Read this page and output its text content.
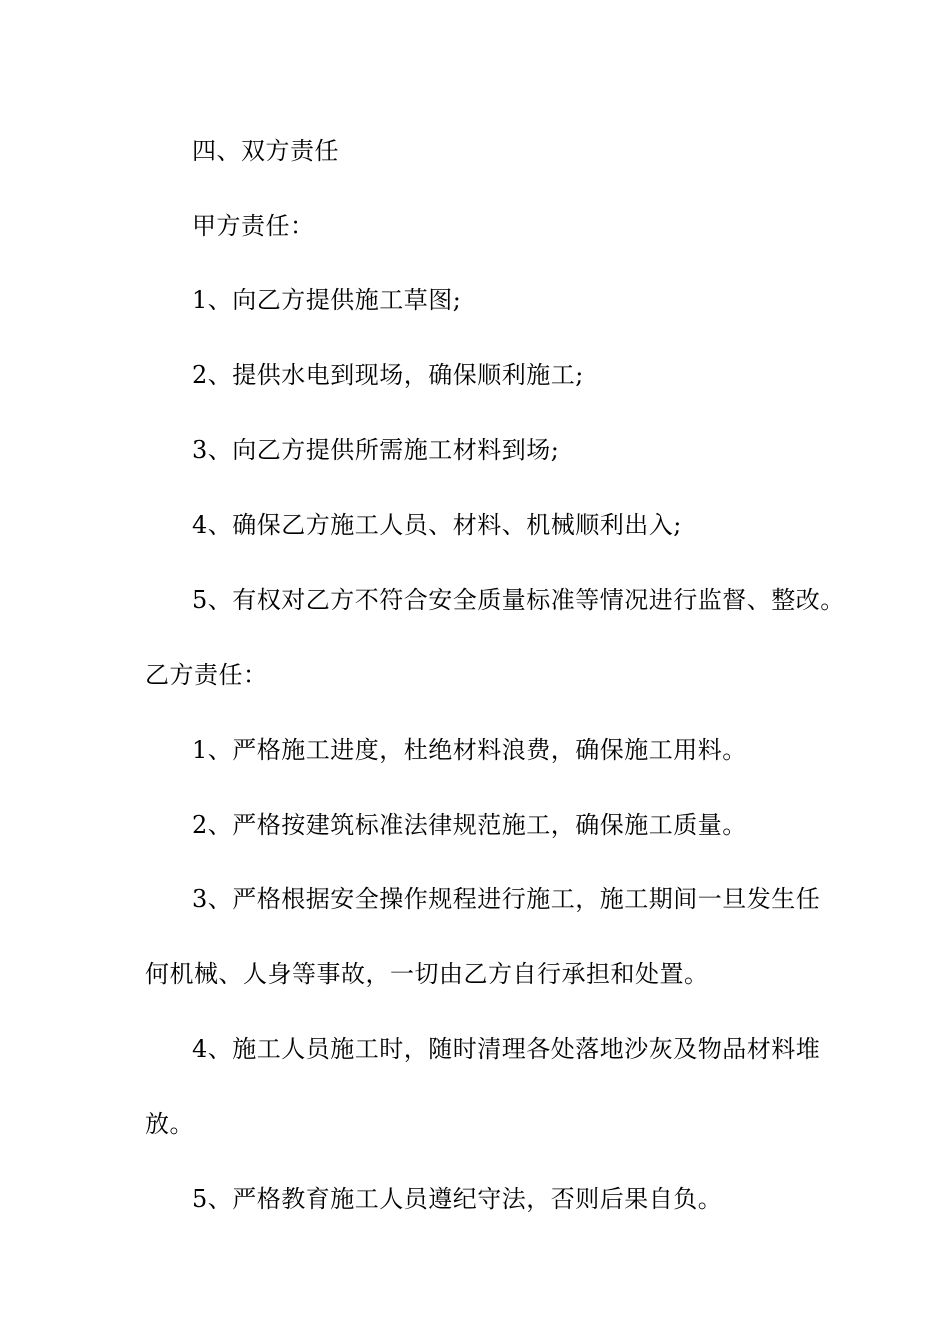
四、双方责任
甲方责任：
1、向乙方提供施工草图;
2、提供水电到现场，确保顺利施工;
3、向乙方提供所需施工材料到场;
4、确保乙方施工人员、材料、机械顺利出入;
5、有权对乙方不符合安全质量标准等情况进行监督、整改。
乙方责任：
1、严格施工进度，杜绝材料浪费，确保施工用料。
2、严格按建筑标准法律规范施工，确保施工质量。
3、严格根据安全操作规程进行施工，施工期间一旦发生任
何机械、人身等事故，一切由乙方自行承担和处置。
4、施工人员施工时，随时清理各处落地沙灰及物品材料堆
放。
5、严格教育施工人员遵纪守法，否则后果自负。
